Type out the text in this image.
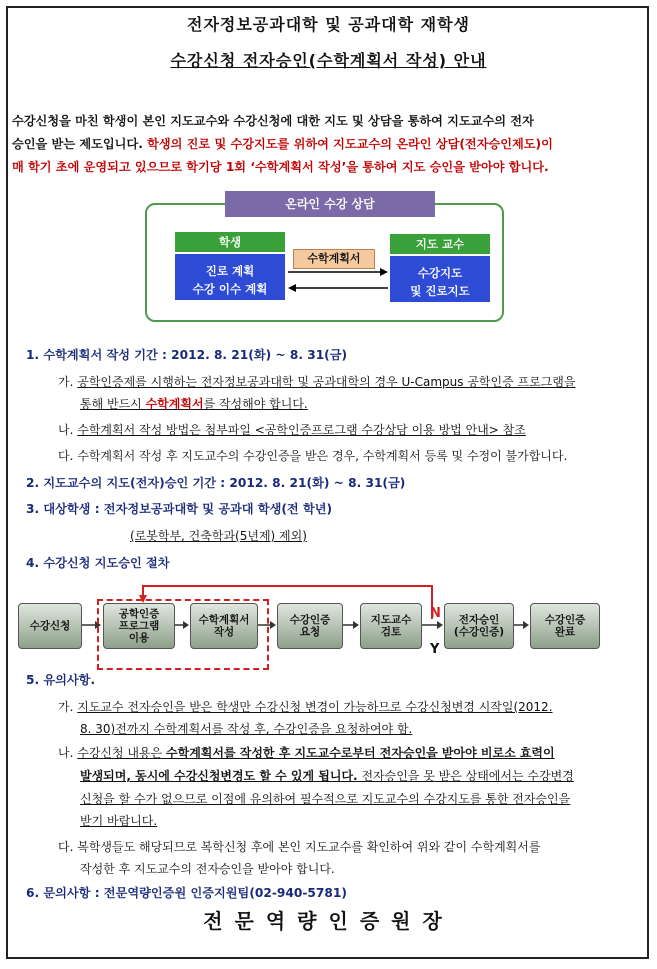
전자정보공과대학 및 공과대학 재학생
수강신청 전자승인(수학계획서 작성) 안내
수강신청을 마친 학생이 본인 지도교수와 수강신청에 대한 지도 및 상담을 통하여 지도교수의 전자
승인을 받는 제도입니다. 학생의 진로 및 수강지도를 위하여 지도교수의 온라인 상담(전자승인제도)이
매 학기 초에 운영되고 있으므로 학기당 1회 ‘수학계획서 작성’을 통하여 지도 승인을 받아야 합니다.
온라인 수강 상담
학생
진로 계획
수강 이수 계획
수학계획서
지도 교수
수강지도
및 진로지도
1. 수학계획서 작성 기간 : 2012. 8. 21(화) ~ 8. 31(금)
가. 공학인증제를 시행하는 전자정보공과대학 및 공과대학의 경우 U-Campus 공학인증 프로그램을
통해 반드시 수학계획서를 작성해야 합니다.
나. 수학계획서 작성 방법은 첨부파일 <공학인증프로그램 수강상담 이용 방법 안내> 참조
다. 수학계획서 작성 후 지도교수의 수강인증을 받은 경우, 수학계획서 등록 및 수정이 불가합니다.
2. 지도교수의 지도(전자)승인 기간 : 2012. 8. 21(화) ~ 8. 31(금)
3. 대상학생 : 전자정보공과대학 및 공과대 학생(전 학년)
(로봇학부, 건축학과(5년제) 제외)
4. 수강신청 지도승인 절차
N
Y
수강신청
공학인증
프로그램
이용
수학계획서
작성
수강인증
요청
지도교수
검토
전자승인
(수강인증)
수강인증
완료
5. 유의사항.
가. 지도교수 전자승인을 받은 학생만 수강신청 변경이 가능하므로 수강신청변경 시작일(2012.
8. 30)전까지 수학계획서를 작성 후, 수강인증을 요청하여야 함.
나. 수강신청 내용은 수학계획서를 작성한 후 지도교수로부터 전자승인을 받아야 비로소 효력이
발생되며, 동시에 수강신청변경도 할 수 있게 됩니다. 전자승인을 못 받은 상태에서는 수강변경
신청을 할 수가 없으므로 이점에 유의하여 필수적으로 지도교수의 수강지도를 통한 전자승인을
받기 바랍니다.
다. 복학생들도 해당되므로 복학신청 후에 본인 지도교수를 확인하여 위와 같이 수학계획서를
작성한 후 지도교수의 전자승인을 받아야 합니다.
6. 문의사항 : 전문역량인증원 인증지원팀(02-940-5781)
전문역량인증원장
